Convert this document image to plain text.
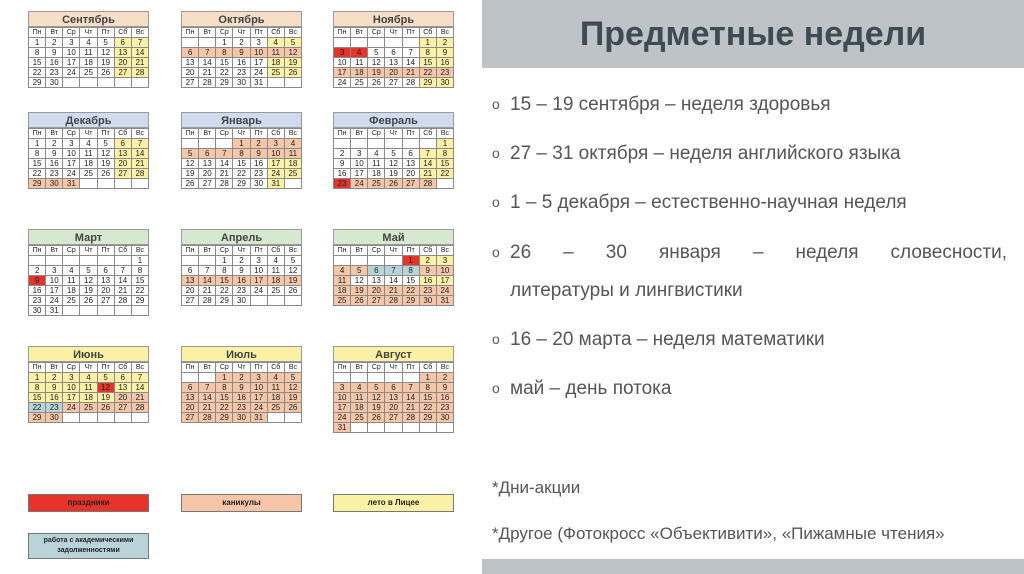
Сентябрь
Пн	Вт	Ср	Чт	Пт	Сб	Вс
1	2	3	4	5	6	7
8	9	10	11	12	13	14
15	16	17	18	19	20	21
22	23	24	25	26	27	28
29	30					
Октябрь
Пн	Вт	Ср	Чт	Пт	Сб	Вс
		1	2	3	4	5
6	7	8	9	10	11	12
13	14	15	16	17	18	19
20	21	22	23	24	25	26
27	28	29	30	31		
Ноябрь
Пн	Вт	Ср	Чт	Пт	Сб	Вс
					1	2
3	4	5	6	7	8	9
10	11	12	13	14	15	16
17	18	19	20	21	22	23
24	25	26	27	28	29	30
Декабрь
Пн	Вт	Ср	Чт	Пт	Сб	Вс
1	2	3	4	5	6	7
8	9	10	11	12	13	14
15	16	17	18	19	20	21
22	23	24	25	26	27	28
29	30	31				
Январь
Пн	Вт	Ср	Чт	Пт	Сб	Вс
			1	2	3	4
5	6	7	8	9	10	11
12	13	14	15	16	17	18
19	20	21	22	23	24	25
26	27	28	29	30	31	
Февраль
Пн	Вт	Ср	Чт	Пт	Сб	Вс
						1
2	3	4	5	6	7	8
9	10	11	12	13	14	15
16	17	18	19	20	21	22
23	24	25	26	27	28	
Март
Пн	Вт	Ср	Чт	Пт	Сб	Вс
						1
2	3	4	5	6	7	8
9	10	11	12	13	14	15
16	17	18	19	20	21	22
23	24	25	26	27	28	29
30	31					
Апрель
Пн	Вт	Ср	Чт	Пт	Сб	Вс
		1	2	3	4	5
6	7	8	9	10	11	12
13	14	15	16	17	18	19
20	21	22	23	24	25	26
27	28	29	30			
Май
Пн	Вт	Ср	Чт	Пт	Сб	Вс
				1	2	3
4	5	6	7	8	9	10
11	12	13	14	15	16	17
18	19	20	21	22	23	24
25	26	27	28	29	30	31
Июнь
Пн	Вт	Ср	Чт	Пт	Сб	Вс
1	2	3	4	5	6	7
8	9	10	11	12	13	14
15	16	17	18	19	20	21
22	23	24	25	26	27	28
29	30					
Июль
Пн	Вт	Ср	Чт	Пт	Сб	Вс
		1	2	3	4	5
6	7	8	9	10	11	12
13	14	15	16	17	18	19
20	21	22	23	24	25	26
27	28	29	30	31		
Август
Пн	Вт	Ср	Чт	Пт	Сб	Вс
					1	2
3	4	5	6	7	8	9
10	11	12	13	14	15	16
17	18	19	20	21	22	23
24	25	26	27	28	29	30
31						
праздники	каникулы	лето в Лицее
работа с академическими задолженностями
Предметные недели
o 15 – 19 сентября – неделя здоровья
o 27 – 31 октября – неделя английского языка
o 1 – 5 декабря – естественно-научная неделя
o 26 – 30 января – неделя словесности,
литературы и лингвистики
o 16 – 20 марта – неделя математики
o май – день потока
*Дни-акции
*Другое (Фотокросс «Объективити», «Пижамные чтения»
